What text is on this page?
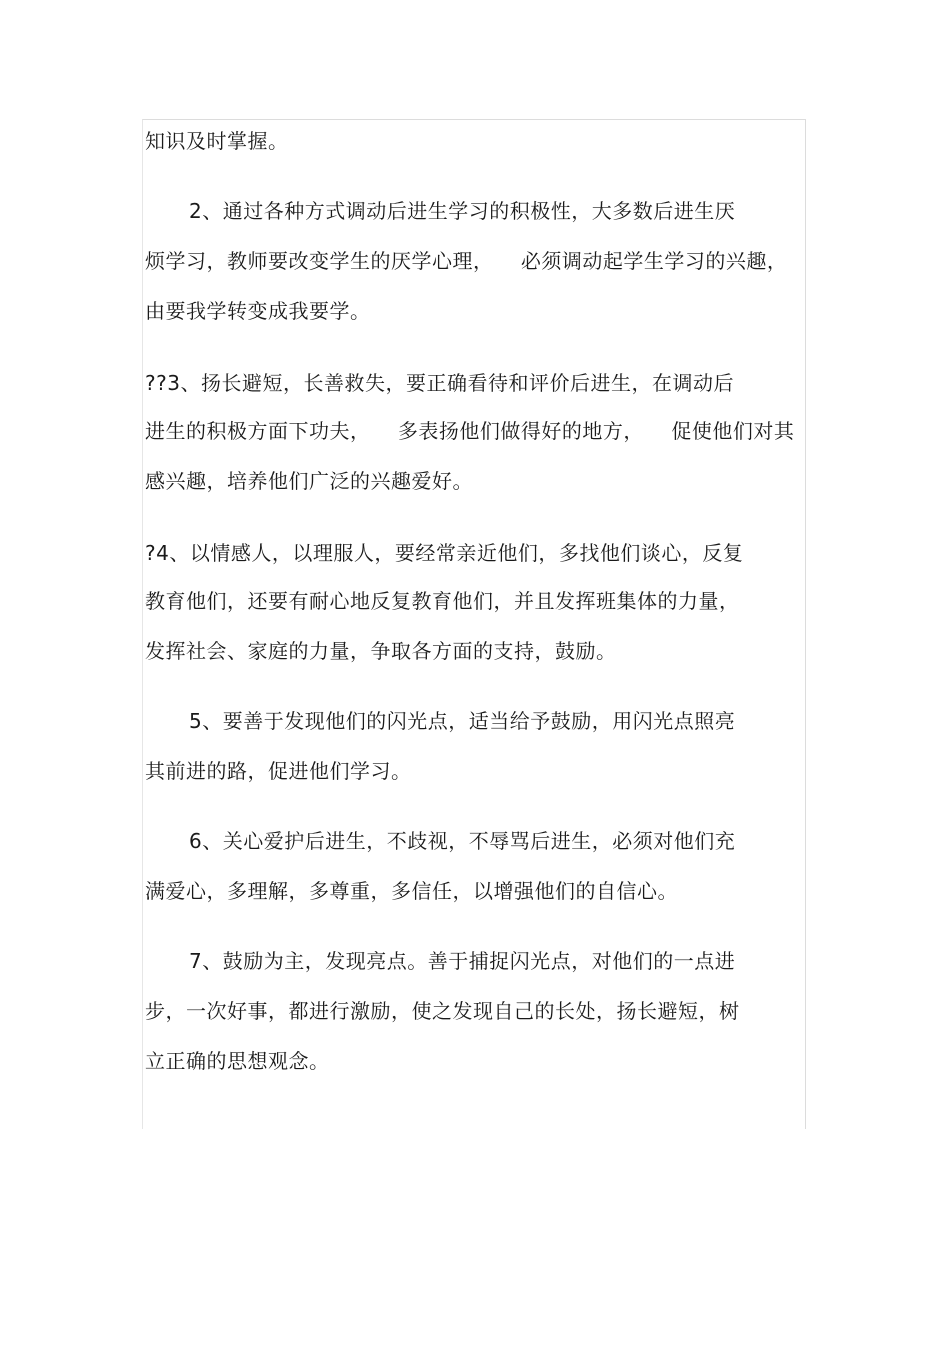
知识及时掌握。
2、通过各种方式调动后进生学习的积极性，大多数后进生厌
烦学习，教师要改变学生的厌学心理，    必须调动起学生学习的兴趣，
由要我学转变成我要学。
??3、扬长避短，长善救失，要正确看待和评价后进生，在调动后
进生的积极方面下功夫，    多表扬他们做得好的地方，    促使他们对其
感兴趣，培养他们广泛的兴趣爱好。
?4、以情感人，以理服人，要经常亲近他们，多找他们谈心，反复
教育他们，还要有耐心地反复教育他们，并且发挥班集体的力量，
发挥社会、家庭的力量，争取各方面的支持，鼓励。
5、要善于发现他们的闪光点，适当给予鼓励，用闪光点照亮
其前进的路，促进他们学习。
6、关心爱护后进生，不歧视，不辱骂后进生，必须对他们充
满爱心，多理解，多尊重，多信任，以增强他们的自信心。
7、鼓励为主，发现亮点。善于捕捉闪光点，对他们的一点进
步，一次好事，都进行激励，使之发现自己的长处，扬长避短，树
立正确的思想观念。
